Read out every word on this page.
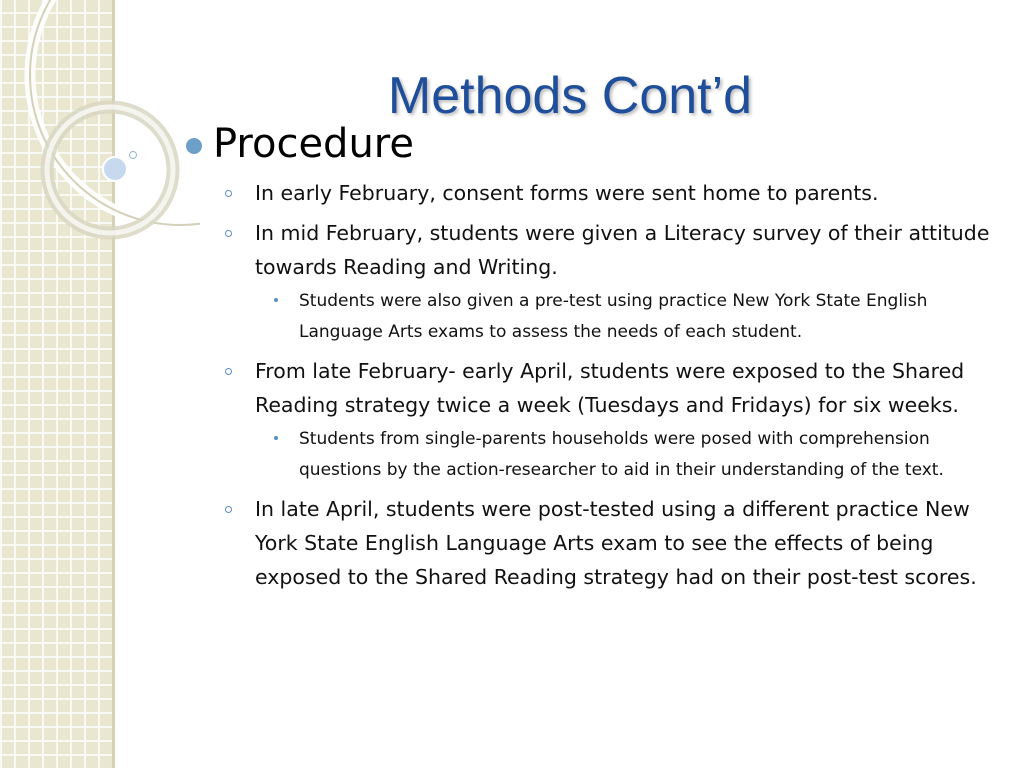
Methods Cont’d
Procedure
In early February, consent forms were sent home to parents.
In mid February, students were given a Literacy survey of their attitude towards Reading and Writing.
Students were also given a pre-test using practice New York State English Language Arts exams to assess the needs of each student.
From late February- early April, students were exposed to the Shared Reading strategy twice a week (Tuesdays and Fridays) for six weeks.
Students from single-parents households were posed with comprehension questions by the action-researcher to aid in their understanding of the text.
In late April, students were post-tested using a different practice New York State English Language Arts exam to see the effects of being exposed to the Shared Reading strategy had on their post-test scores.
